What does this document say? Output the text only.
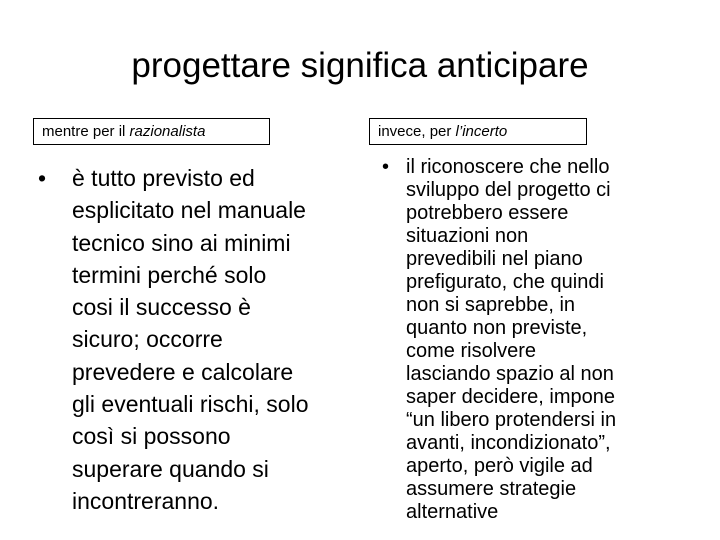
progettare significa anticipare
mentre per il razionalista	invece, per l’incerto
• è tutto previsto ed
esplicitato nel manuale
tecnico sino ai minimi
termini perché solo
cosi il successo è
sicuro; occorre
prevedere e calcolare
gli eventuali rischi, solo
così si possono
superare quando si
incontreranno.
• il riconoscere che nello
sviluppo del progetto ci
potrebbero essere
situazioni non
prevedibili nel piano
prefigurato, che quindi
non si saprebbe, in
quanto non previste,
come risolvere
lasciando spazio al non
saper decidere, impone
“un libero protendersi in
avanti, incondizionato”,
aperto, però vigile ad
assumere strategie
alternative
